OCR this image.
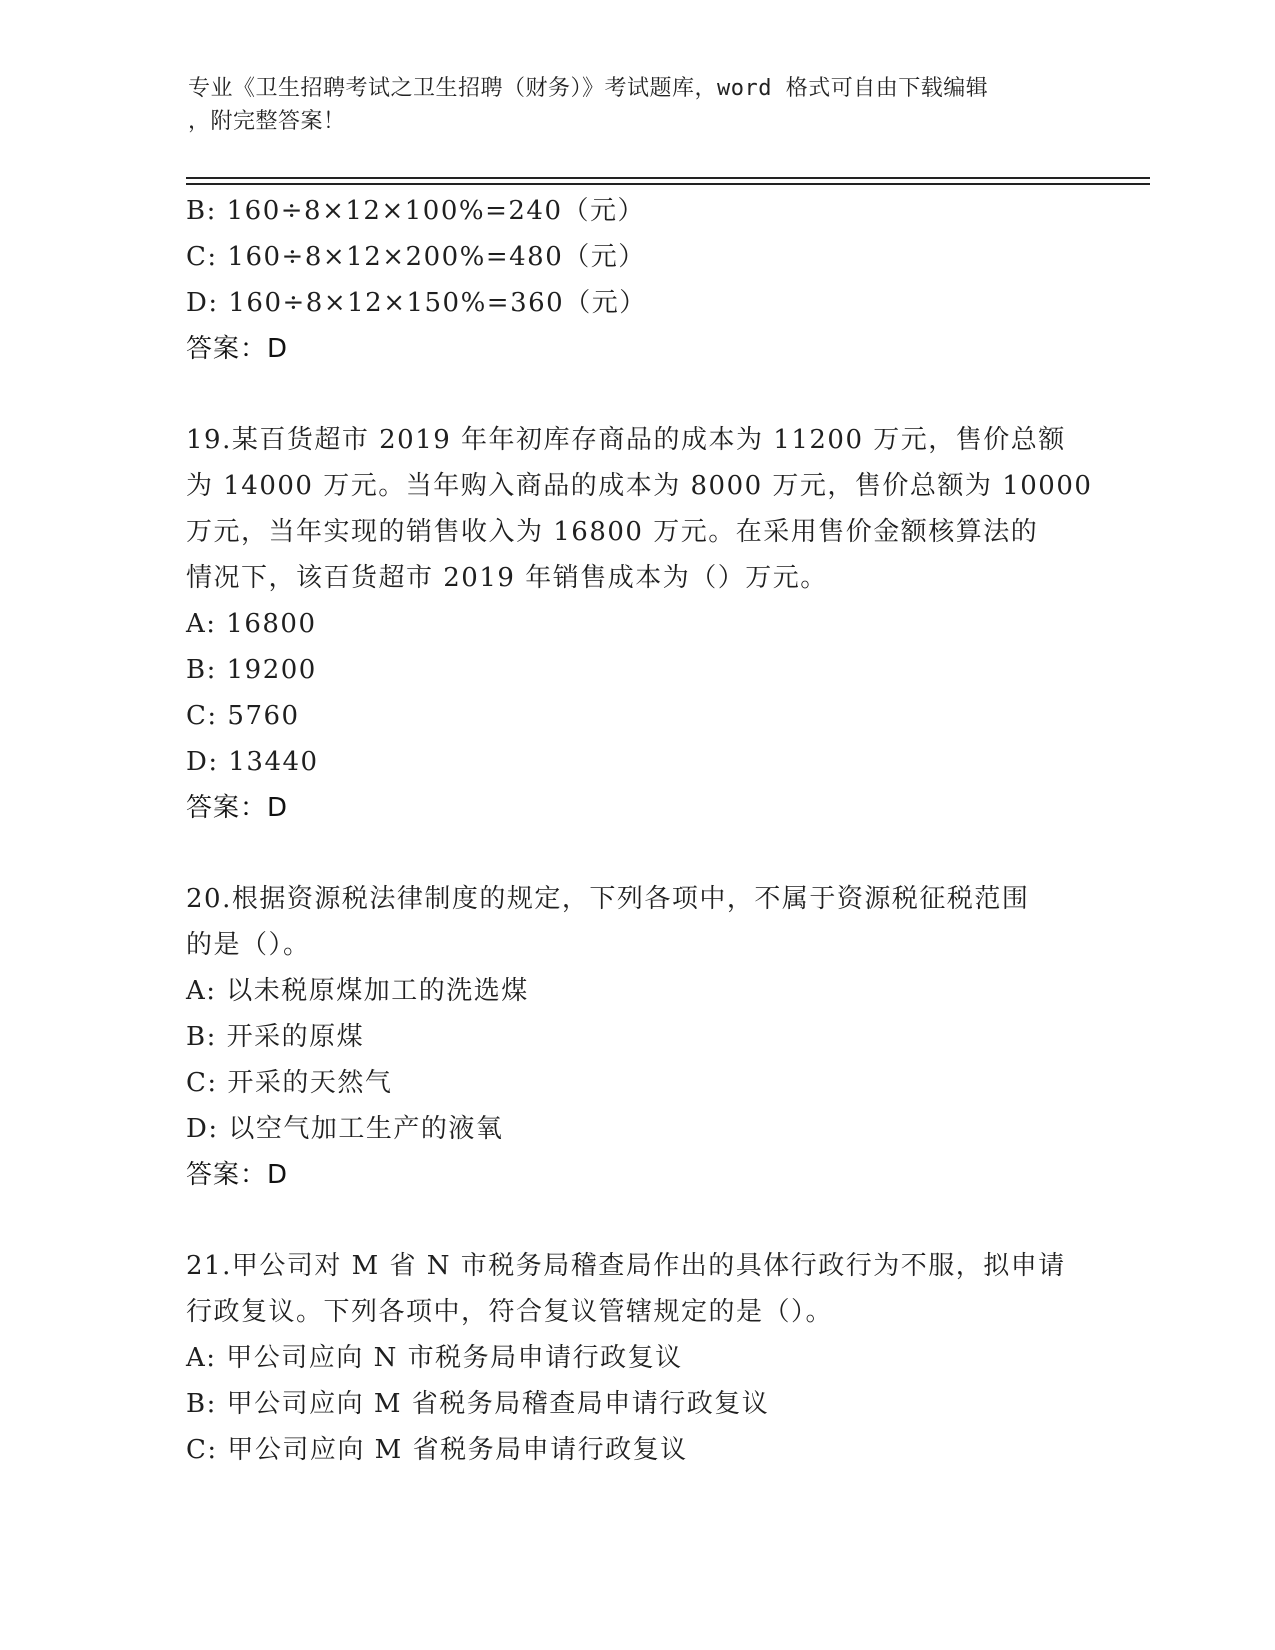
专业《卫生招聘考试之卫生招聘（财务）》考试题库，word 格式可自由下载编辑
，附完整答案！
B: 160÷8×12×100%=240（元）
C: 160÷8×12×200%=480（元）
D: 160÷8×12×150%=360（元）
答案：D
19.某百货超市 2019 年年初库存商品的成本为 11200 万元，售价总额
为 14000 万元。当年购入商品的成本为 8000 万元，售价总额为 10000
万元，当年实现的销售收入为 16800 万元。在采用售价金额核算法的
情况下，该百货超市 2019 年销售成本为（）万元。
A: 16800
B: 19200
C: 5760
D: 13440
答案：D
20.根据资源税法律制度的规定，下列各项中，不属于资源税征税范围
的是（）。
A: 以未税原煤加工的洗选煤
B: 开采的原煤
C: 开采的天然气
D: 以空气加工生产的液氧
答案：D
21.甲公司对 M 省 N 市税务局稽查局作出的具体行政行为不服，拟申请
行政复议。下列各项中，符合复议管辖规定的是（）。
A: 甲公司应向 N 市税务局申请行政复议
B: 甲公司应向 M 省税务局稽查局申请行政复议
C: 甲公司应向 M 省税务局申请行政复议
